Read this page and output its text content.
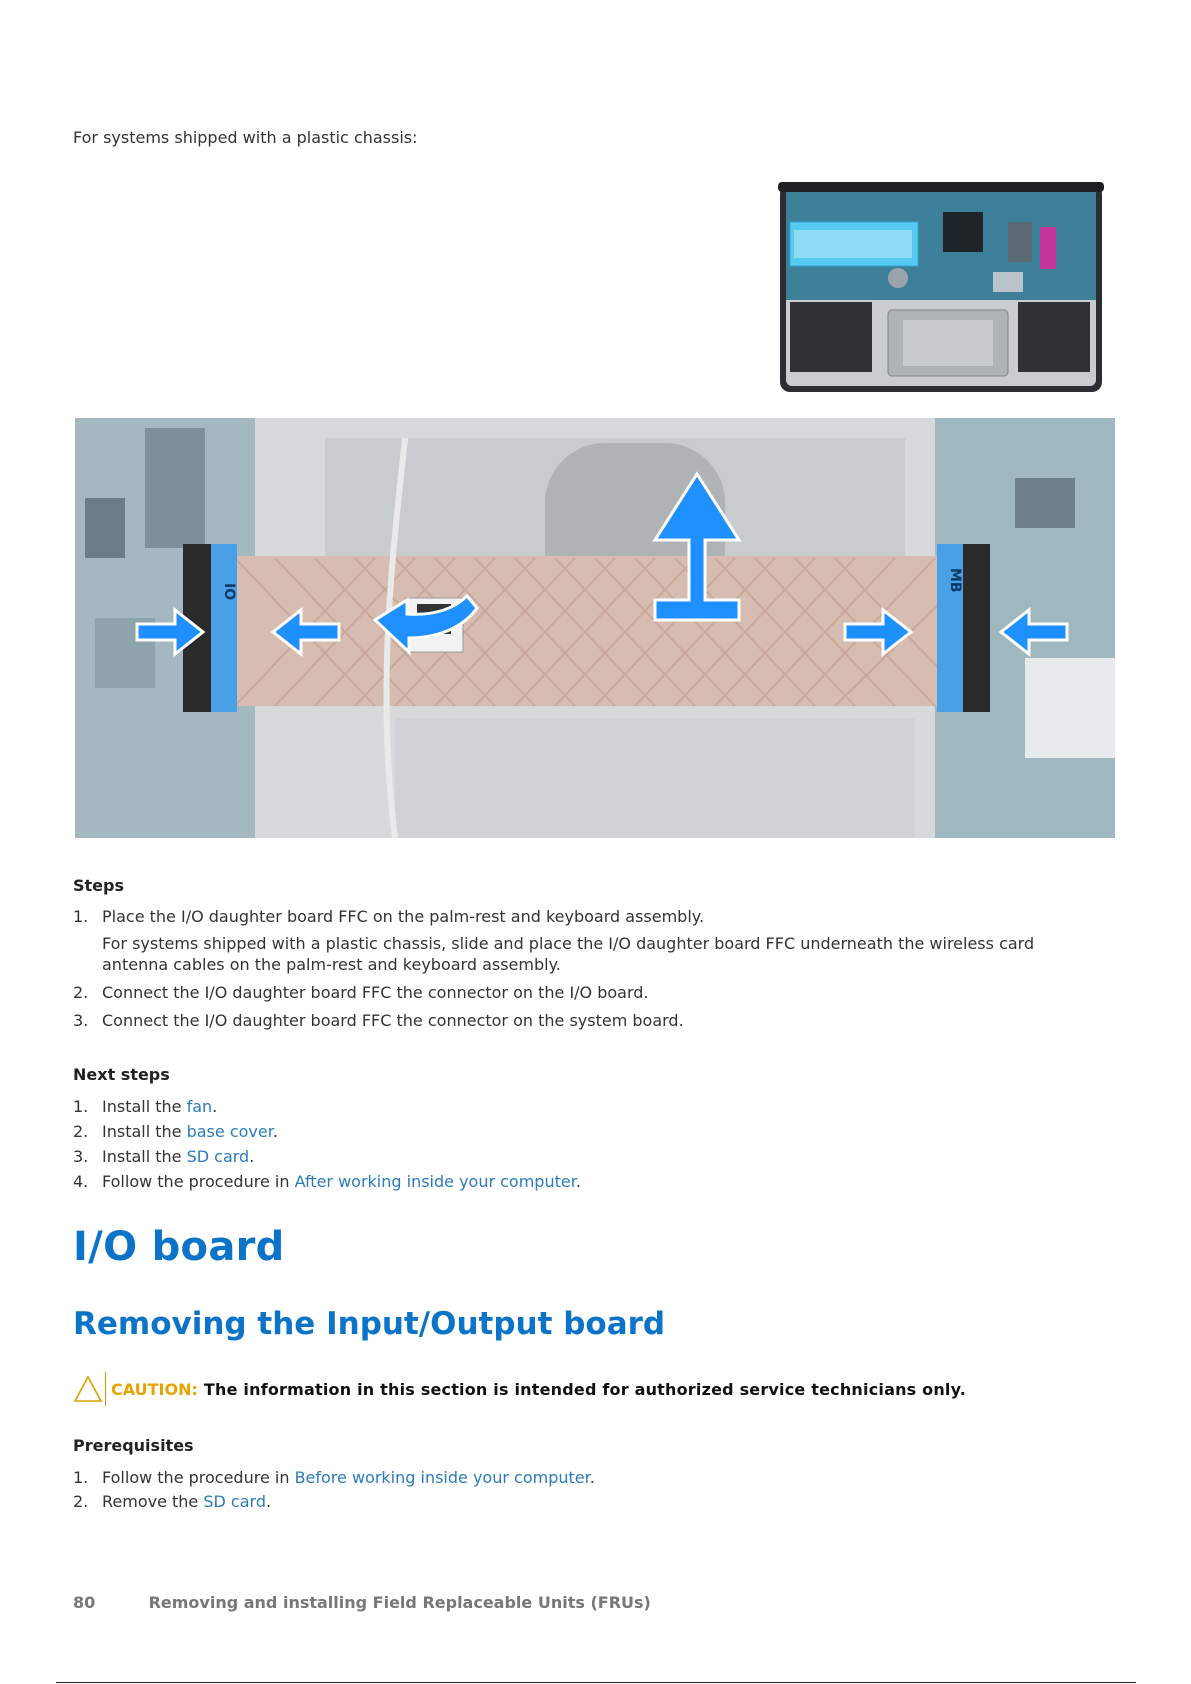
For systems shipped with a plastic chassis:
IO	MB
Steps
1. Place the I/O daughter board FFC on the palm-rest and keyboard assembly.
For systems shipped with a plastic chassis, slide and place the I/O daughter board FFC underneath the wireless card antenna cables on the palm-rest and keyboard assembly.
2. Connect the I/O daughter board FFC the connector on the I/O board.
3. Connect the I/O daughter board FFC the connector on the system board.
Next steps
1. Install the fan.
2. Install the base cover.
3. Install the SD card.
4. Follow the procedure in After working inside your computer.
I/O board
Removing the Input/Output board
CAUTION: The information in this section is intended for authorized service technicians only.
Prerequisites
1. Follow the procedure in Before working inside your computer.
2. Remove the SD card.
80	Removing and installing Field Replaceable Units (FRUs)
